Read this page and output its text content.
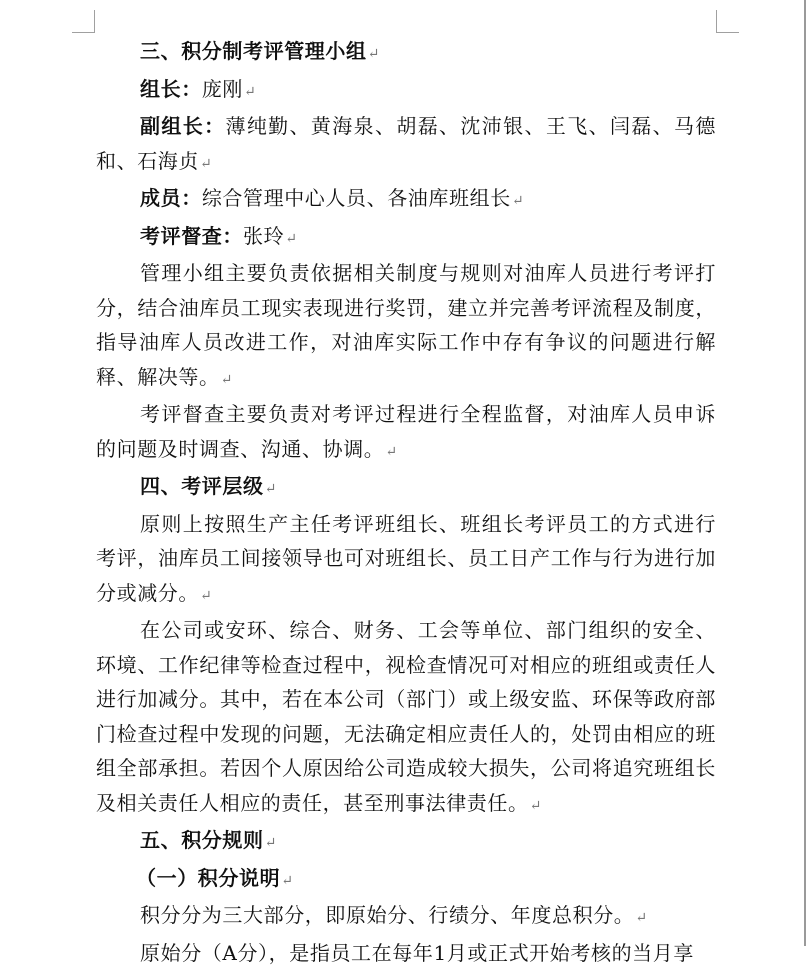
三、积分制考评管理小组↵

组长：庞刚↵

副组长：薄纯勤、黄海泉、胡磊、沈沛银、王飞、闫磊、马德和、石海贞↵

成员：综合管理中心人员、各油库班组长↵

考评督查：张玲↵

管理小组主要负责依据相关制度与规则对油库人员进行考评打分，结合油库员工现实表现进行奖罚，建立并完善考评流程及制度，指导油库人员改进工作，对油库实际工作中存有争议的问题进行解释、解决等。↵

考评督查主要负责对考评过程进行全程监督，对油库人员申诉的问题及时调查、沟通、协调。↵

四、考评层级↵

原则上按照生产主任考评班组长、班组长考评员工的方式进行考评，油库员工间接领导也可对班组长、员工日产工作与行为进行加分或减分。↵

在公司或安环、综合、财务、工会等单位、部门组织的安全、环境、工作纪律等检查过程中，视检查情况可对相应的班组或责任人进行加减分。其中，若在本公司（部门）或上级安监、环保等政府部门检查过程中发现的问题，无法确定相应责任人的，处罚由相应的班组全部承担。若因个人原因给公司造成较大损失，公司将追究班组长及相关责任人相应的责任，甚至刑事法律责任。↵

五、积分规则↵

（一）积分说明↵

积分分为三大部分，即原始分、行绩分、年度总积分。↵

原始分（A分），是指员工在每年1月或正式开始考核的当月享
